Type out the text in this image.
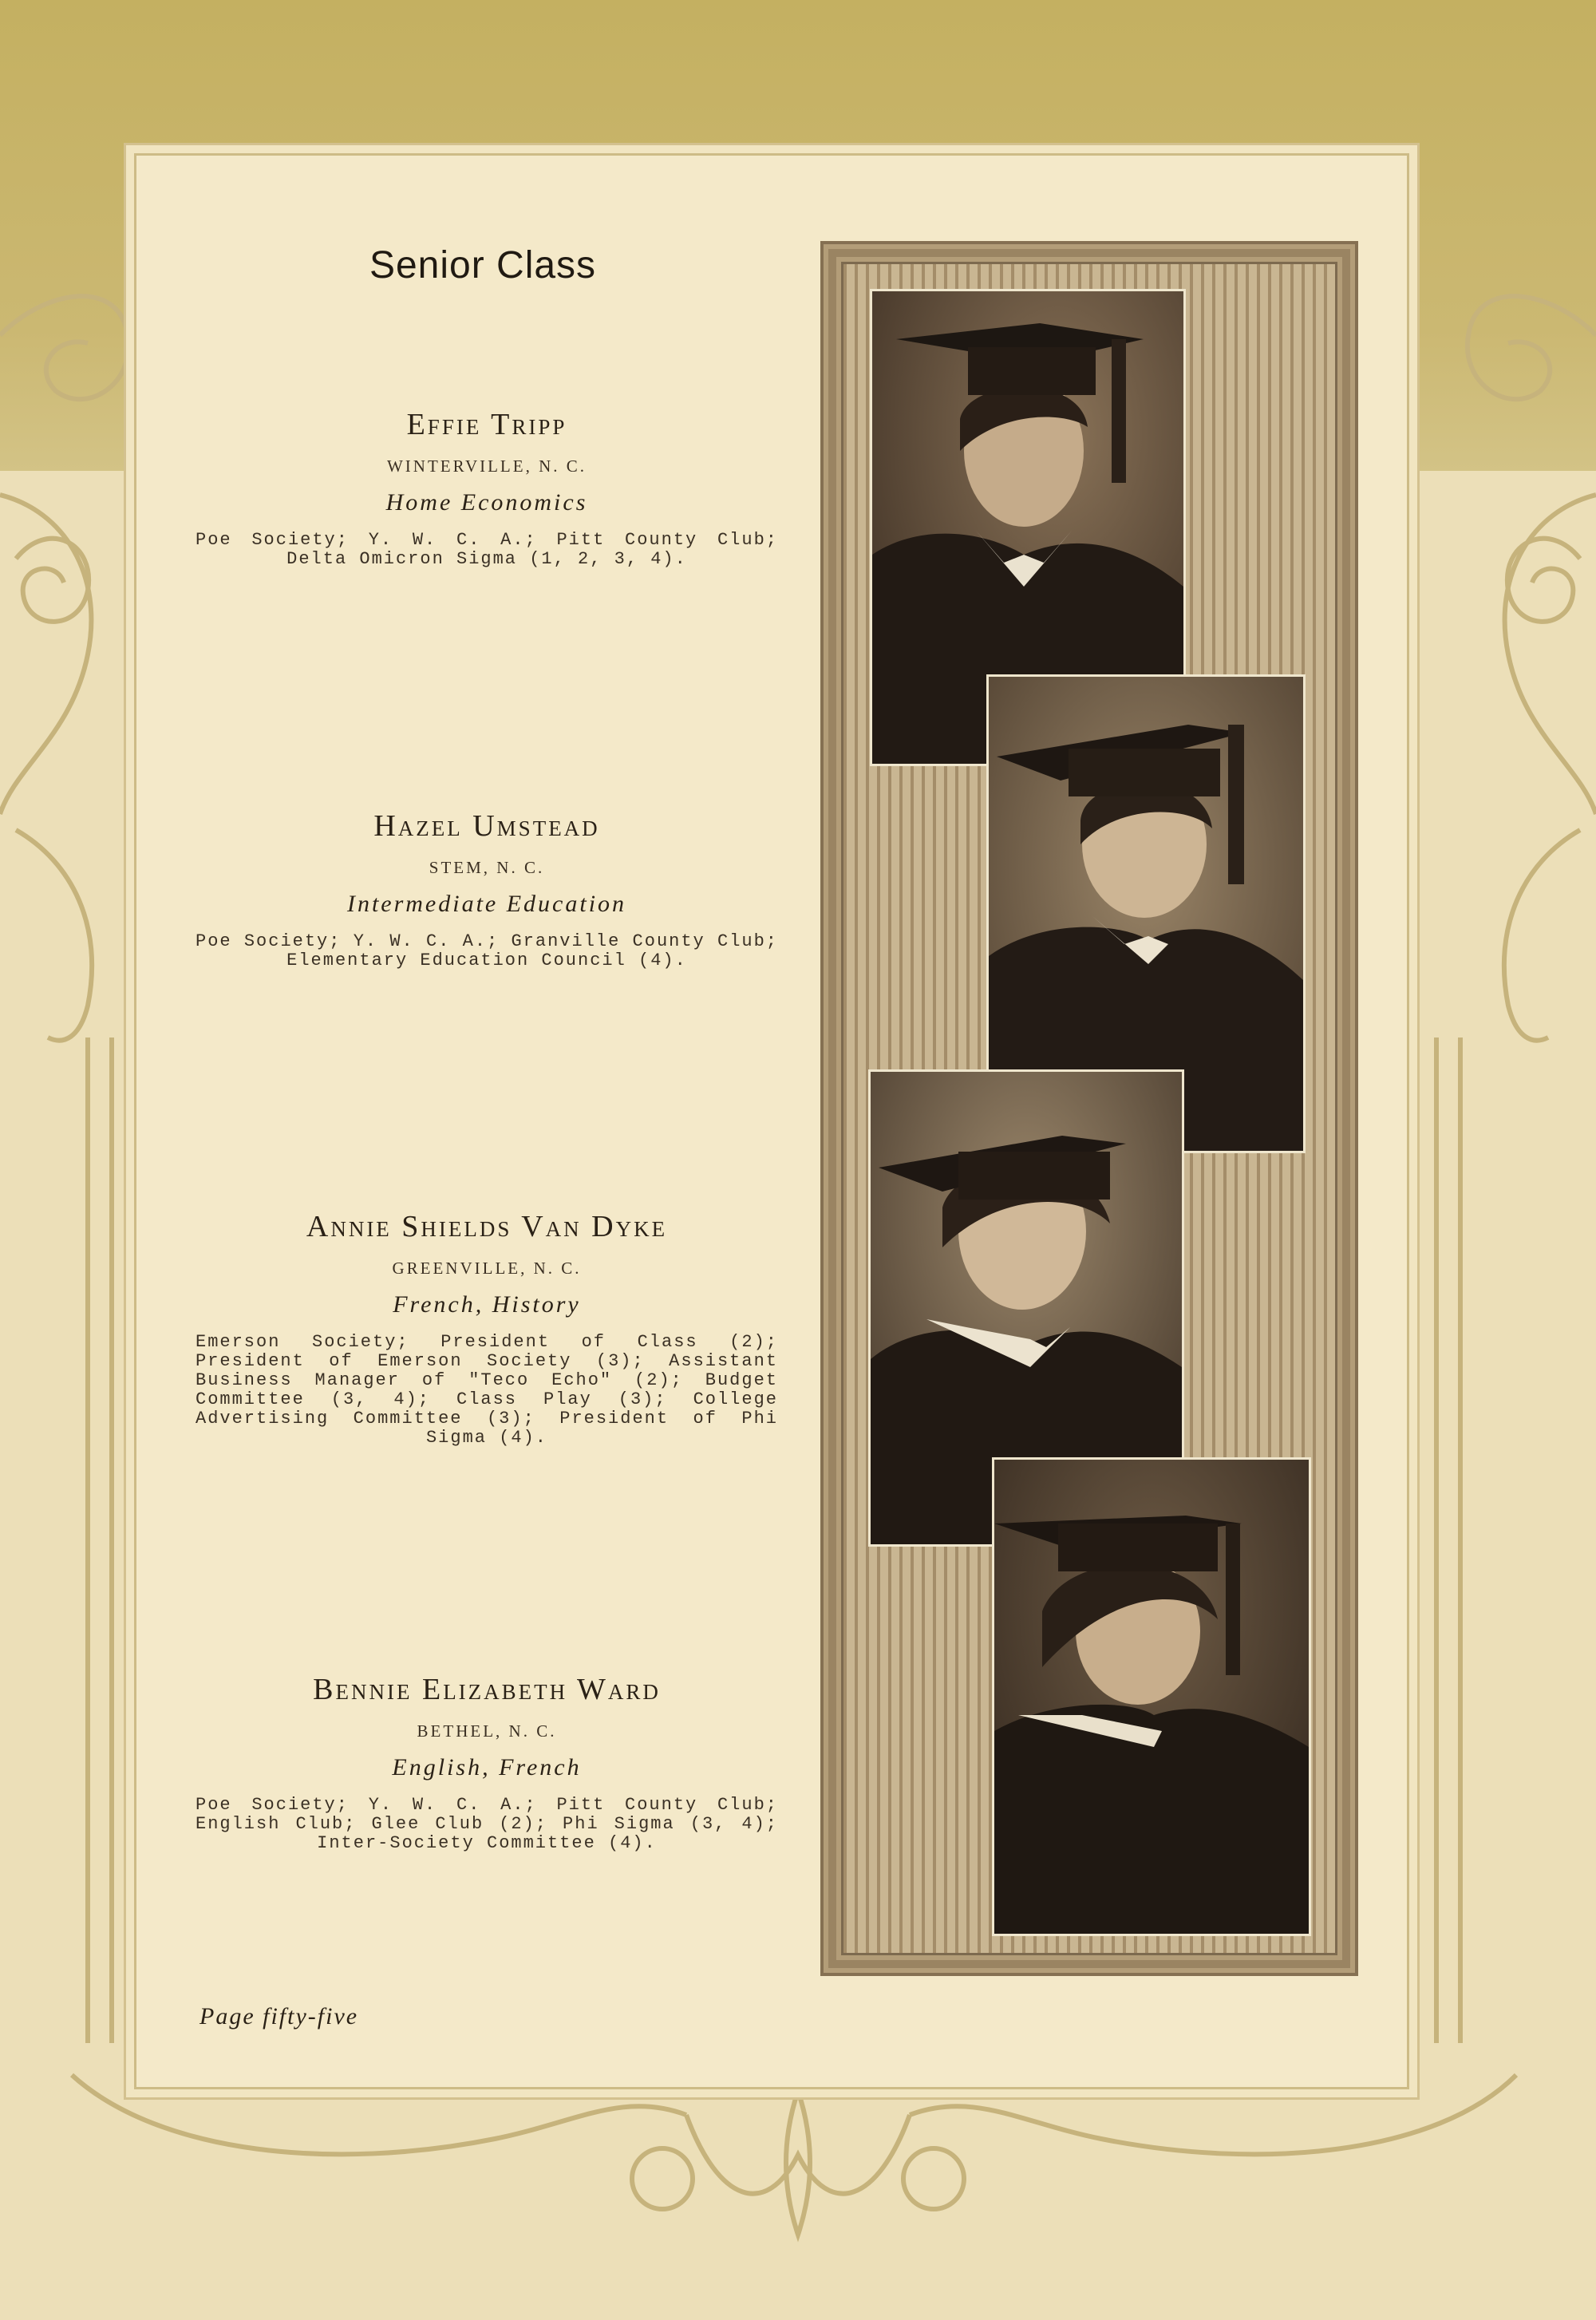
Senior Class
Effie Tripp
WINTERVILLE, N. C.
Home Economics
Poe Society; Y. W. C. A.; Pitt County Club; Delta Omicron Sigma (1, 2, 3, 4).
Hazel Umstead
STEM, N. C.
Intermediate Education
Poe Society; Y. W. C. A.; Granville County Club; Elementary Education Council (4).
Annie Shields Van Dyke
GREENVILLE, N. C.
French, History
Emerson Society; President of Class (2); President of Emerson Society (3); Assistant Business Manager of "Teco Echo" (2); Budget Committee (3, 4); Class Play (3); College Advertising Committee (3); President of Phi Sigma (4).
Bennie Elizabeth Ward
BETHEL, N. C.
English, French
Poe Society; Y. W. C. A.; Pitt County Club; English Club; Glee Club (2); Phi Sigma (3, 4); Inter-Society Committee (4).
Page fifty-five
